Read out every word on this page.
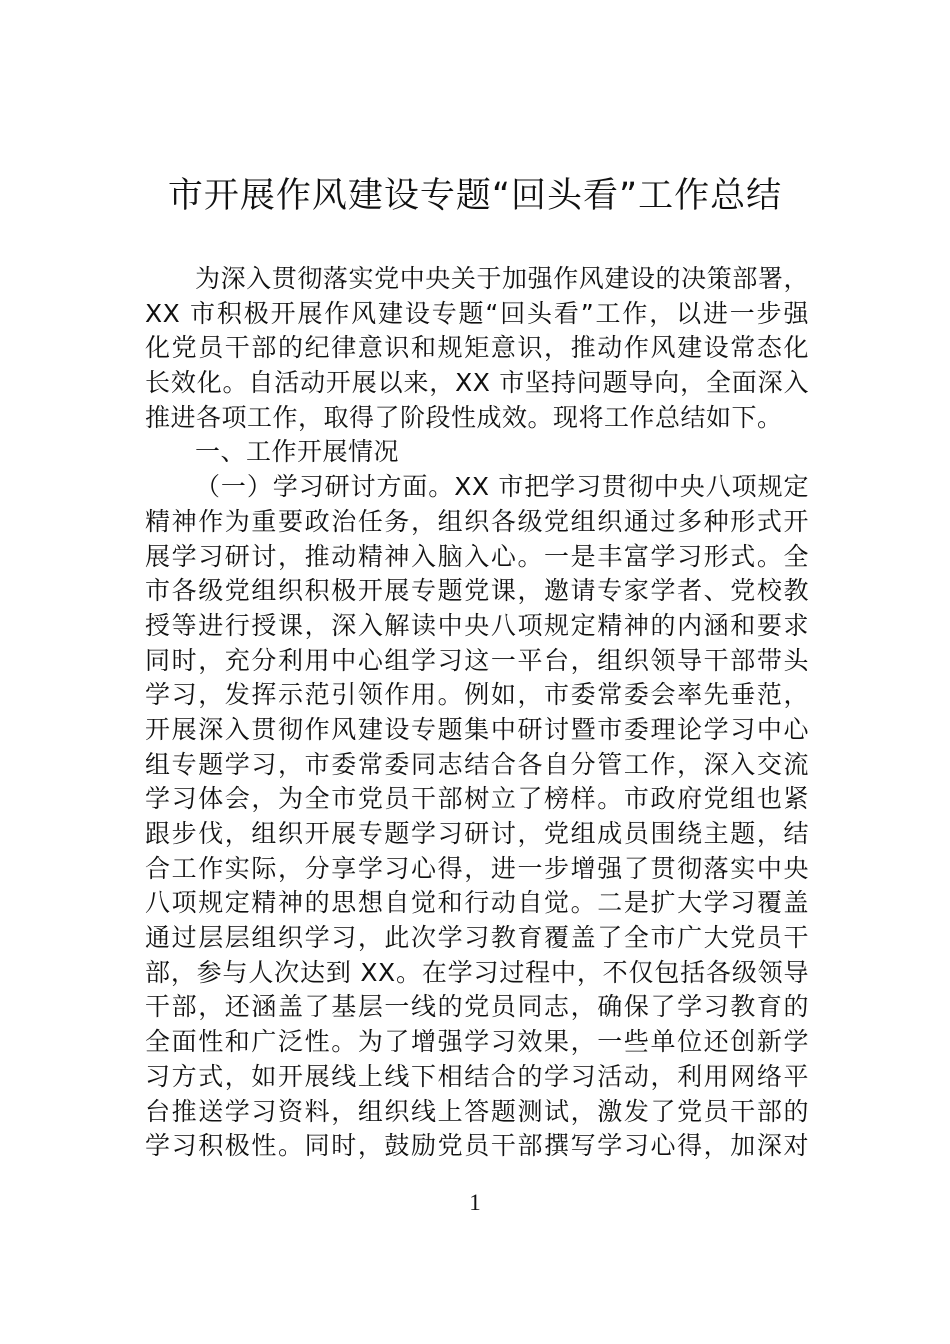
市开展作风建设专题“回头看”工作总结
为深入贯彻落实党中央关于加强作风建设的决策部署，
XX 市积极开展作风建设专题“回头看”工作，以进一步强
化党员干部的纪律意识和规矩意识，推动作风建设常态化
长效化。自活动开展以来，XX 市坚持问题导向，全面深入
推进各项工作，取得了阶段性成效。现将工作总结如下。
一、工作开展情况
（一）学习研讨方面。XX 市把学习贯彻中央八项规定
精神作为重要政治任务，组织各级党组织通过多种形式开
展学习研讨，推动精神入脑入心。一是丰富学习形式。全
市各级党组织积极开展专题党课，邀请专家学者、党校教
授等进行授课，深入解读中央八项规定精神的内涵和要求
同时，充分利用中心组学习这一平台，组织领导干部带头
学习，发挥示范引领作用。例如，市委常委会率先垂范，
开展深入贯彻作风建设专题集中研讨暨市委理论学习中心
组专题学习，市委常委同志结合各自分管工作，深入交流
学习体会，为全市党员干部树立了榜样。市政府党组也紧
跟步伐，组织开展专题学习研讨，党组成员围绕主题，结
合工作实际，分享学习心得，进一步增强了贯彻落实中央
八项规定精神的思想自觉和行动自觉。二是扩大学习覆盖
通过层层组织学习，此次学习教育覆盖了全市广大党员干
部，参与人次达到 XX。在学习过程中，不仅包括各级领导
干部，还涵盖了基层一线的党员同志，确保了学习教育的
全面性和广泛性。为了增强学习效果，一些单位还创新学
习方式，如开展线上线下相结合的学习活动，利用网络平
台推送学习资料，组织线上答题测试，激发了党员干部的
学习积极性。同时，鼓励党员干部撰写学习心得，加深对
1
